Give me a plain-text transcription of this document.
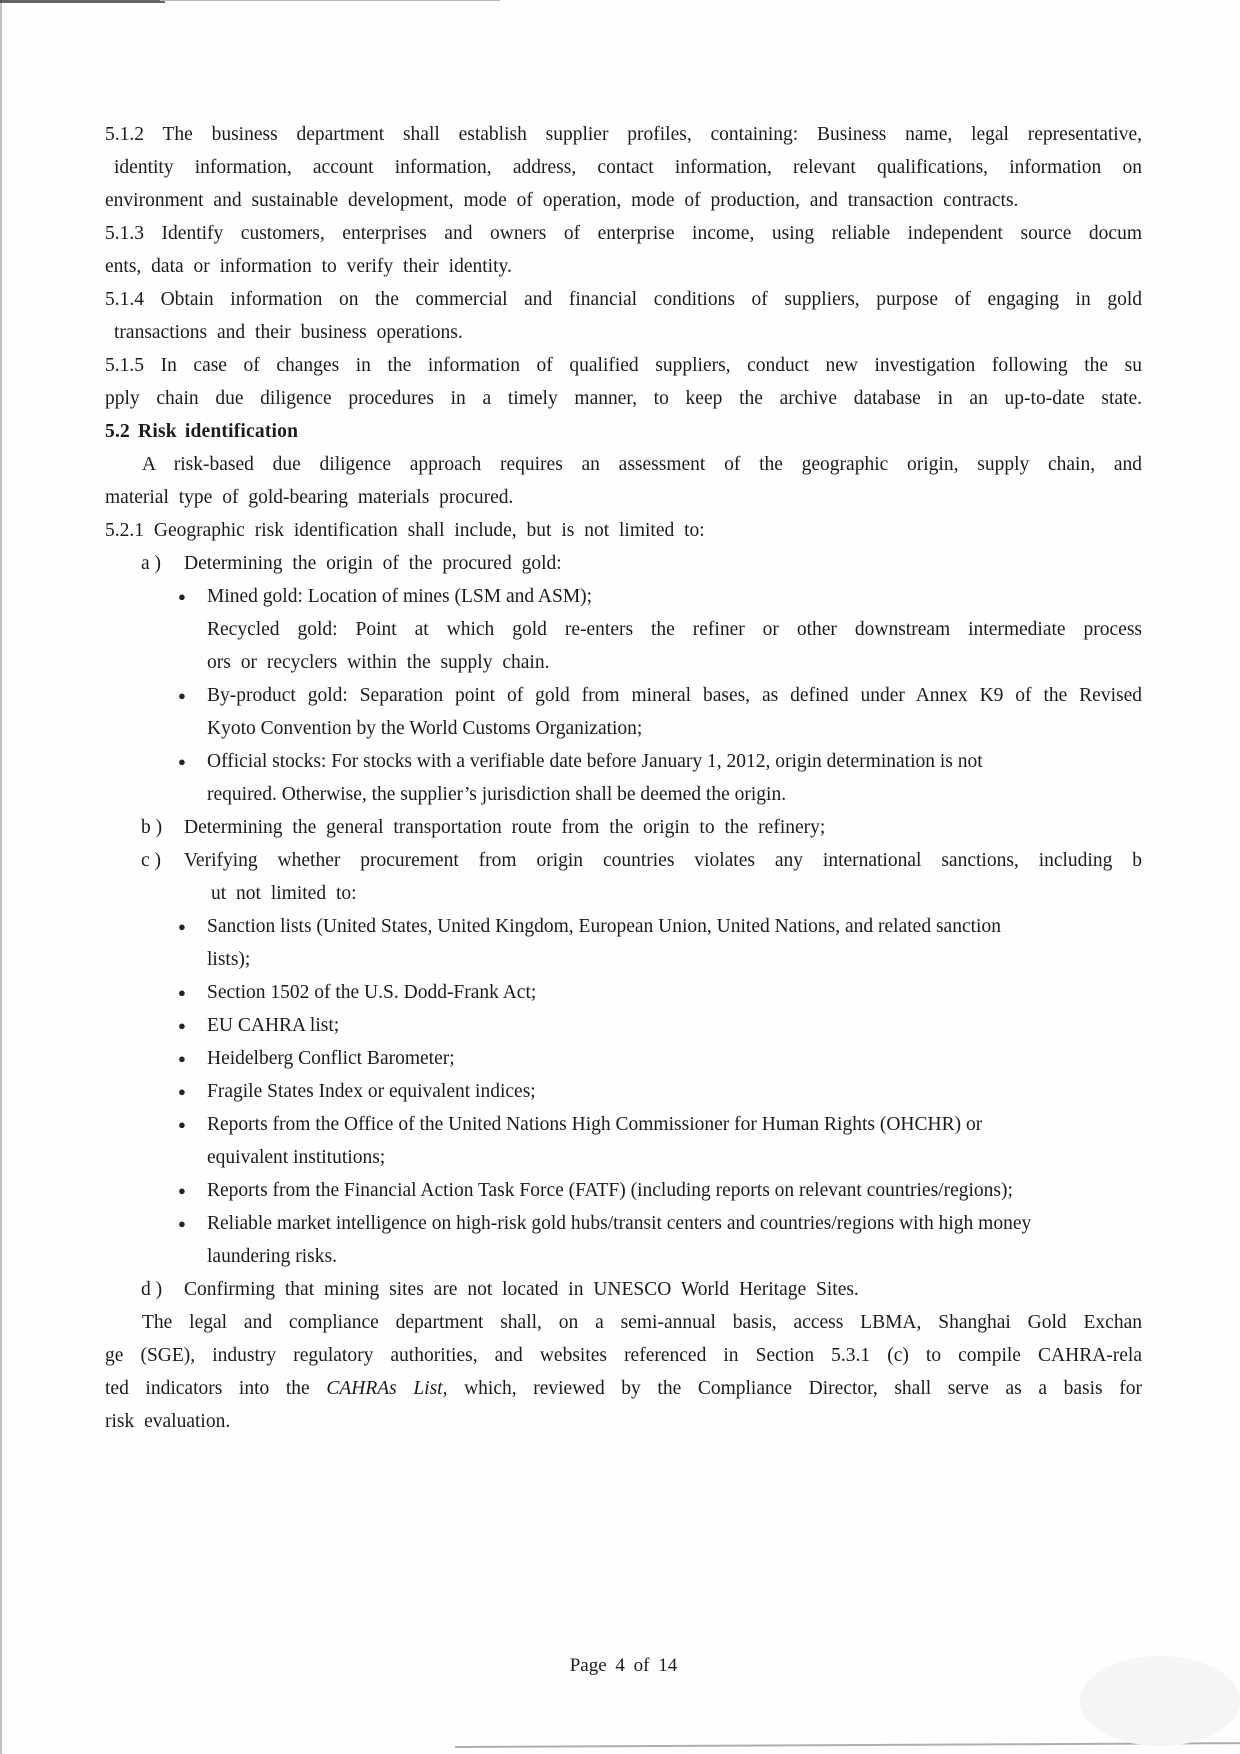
5.1.2 The business department shall establish supplier profiles, containing: Business name, legal representative,
identity information, account information, address, contact information, relevant qualifications, information on
environment and sustainable development, mode of operation, mode of production, and transaction contracts.
5.1.3 Identify customers, enterprises and owners of enterprise income, using reliable independent source docum
ents, data or information to verify their identity.
5.1.4 Obtain information on the commercial and financial conditions of suppliers, purpose of engaging in gold
transactions and their business operations.
5.1.5 In case of changes in the information of qualified suppliers, conduct new investigation following the su
pply chain due diligence procedures in a timely manner, to keep the archive database in an up-to-date state.
5.2 Risk identification
A risk-based due diligence approach requires an assessment of the geographic origin, supply chain, and
material type of gold-bearing materials procured.
5.2.1 Geographic risk identification shall include, but is not limited to:
a )	Determining the origin of the procured gold:
●	Mined gold: Location of mines (LSM and ASM);
Recycled gold: Point at which gold re-enters the refiner or other downstream intermediate process
ors or recyclers within the supply chain.
●	By-product gold: Separation point of gold from mineral bases, as defined under Annex K9 of the Revised
Kyoto Convention by the World Customs Organization;
●	Official stocks: For stocks with a verifiable date before January 1, 2012, origin determination is not
required. Otherwise, the supplier’s jurisdiction shall be deemed the origin.
b )	Determining the general transportation route from the origin to the refinery;
c )	Verifying whether procurement from origin countries violates any international sanctions, including b
ut not limited to:
●	Sanction lists (United States, United Kingdom, European Union, United Nations, and related sanction
lists);
●	Section 1502 of the U.S. Dodd-Frank Act;
●	EU CAHRA list;
●	Heidelberg Conflict Barometer;
●	Fragile States Index or equivalent indices;
●	Reports from the Office of the United Nations High Commissioner for Human Rights (OHCHR) or
equivalent institutions;
●	Reports from the Financial Action Task Force (FATF) (including reports on relevant countries/regions);
●	Reliable market intelligence on high-risk gold hubs/transit centers and countries/regions with high money
laundering risks.
d )	Confirming that mining sites are not located in UNESCO World Heritage Sites.
The legal and compliance department shall, on a semi-annual basis, access LBMA, Shanghai Gold Exchan
ge (SGE), industry regulatory authorities, and websites referenced in Section 5.3.1 (c) to compile CAHRA-rela
ted indicators into the CAHRAs List, which, reviewed by the Compliance Director, shall serve as a basis for
risk evaluation.
Page 4 of 14
